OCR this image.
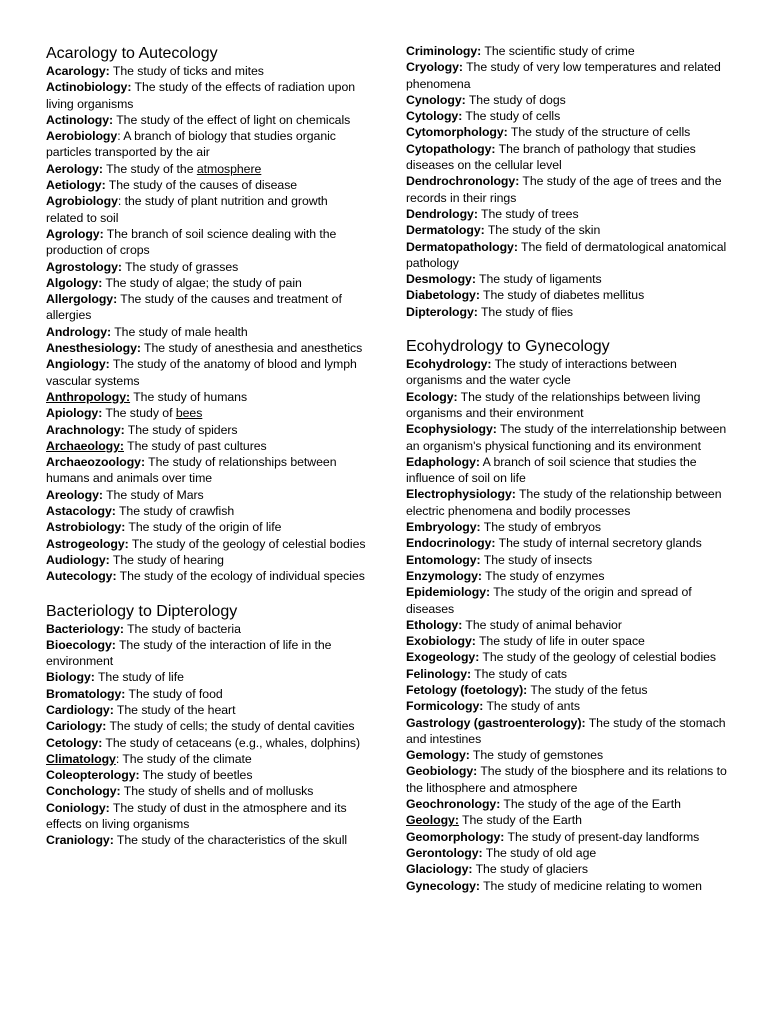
Acarology to Autecology
Acarology: The study of ticks and mites
Actinobiology: The study of the effects of radiation upon living organisms
Actinology: The study of the effect of light on chemicals
Aerobiology: A branch of biology that studies organic particles transported by the air
Aerology: The study of the atmosphere
Aetiology: The study of the causes of disease
Agrobiology: the study of plant nutrition and growth related to soil
Agrology: The branch of soil science dealing with the production of crops
Agrostology: The study of grasses
Algology: The study of algae; the study of pain
Allergology: The study of the causes and treatment of allergies
Andrology: The study of male health
Anesthesiology: The study of anesthesia and anesthetics
Angiology: The study of the anatomy of blood and lymph vascular systems
Anthropology: The study of humans
Apiology: The study of bees
Arachnology: The study of spiders
Archaeology: The study of past cultures
Archaeozoology: The study of relationships between humans and animals over time
Areology: The study of Mars
Astacology: The study of crawfish
Astrobiology: The study of the origin of life
Astrogeology: The study of the geology of celestial bodies
Audiology: The study of hearing
Autecology: The study of the ecology of individual species
Bacteriology to Dipterology
Bacteriology: The study of bacteria
Bioecology: The study of the interaction of life in the environment
Biology: The study of life
Bromatology: The study of food
Cardiology: The study of the heart
Cariology: The study of cells; the study of dental cavities
Cetology: The study of cetaceans (e.g., whales, dolphins)
Climatology: The study of the climate
Coleopterology: The study of beetles
Conchology: The study of shells and of mollusks
Coniology: The study of dust in the atmosphere and its effects on living organisms
Craniology: The study of the characteristics of the skull
Criminology: The scientific study of crime
Cryology: The study of very low temperatures and related phenomena
Cynology: The study of dogs
Cytology: The study of cells
Cytomorphology: The study of the structure of cells
Cytopathology: The branch of pathology that studies diseases on the cellular level
Dendrochronology: The study of the age of trees and the records in their rings
Dendrology: The study of trees
Dermatology: The study of the skin
Dermatopathology: The field of dermatological anatomical pathology
Desmology: The study of ligaments
Diabetology: The study of diabetes mellitus
Dipterology: The study of flies
Ecohydrology to Gynecology
Ecohydrology: The study of interactions between organisms and the water cycle
Ecology: The study of the relationships between living organisms and their environment
Ecophysiology: The study of the interrelationship between an organism's physical functioning and its environment
Edaphology: A branch of soil science that studies the influence of soil on life
Electrophysiology: The study of the relationship between electric phenomena and bodily processes
Embryology: The study of embryos
Endocrinology: The study of internal secretory glands
Entomology: The study of insects
Enzymology: The study of enzymes
Epidemiology: The study of the origin and spread of diseases
Ethology: The study of animal behavior
Exobiology: The study of life in outer space
Exogeology: The study of the geology of celestial bodies
Felinology: The study of cats
Fetology (foetology): The study of the fetus
Formicology: The study of ants
Gastrology (gastroenterology): The study of the stomach and intestines
Gemology: The study of gemstones
Geobiology: The study of the biosphere and its relations to the lithosphere and atmosphere
Geochronology: The study of the age of the Earth
Geology: The study of the Earth
Geomorphology: The study of present-day landforms
Gerontology: The study of old age
Glaciology: The study of glaciers
Gynecology: The study of medicine relating to women
